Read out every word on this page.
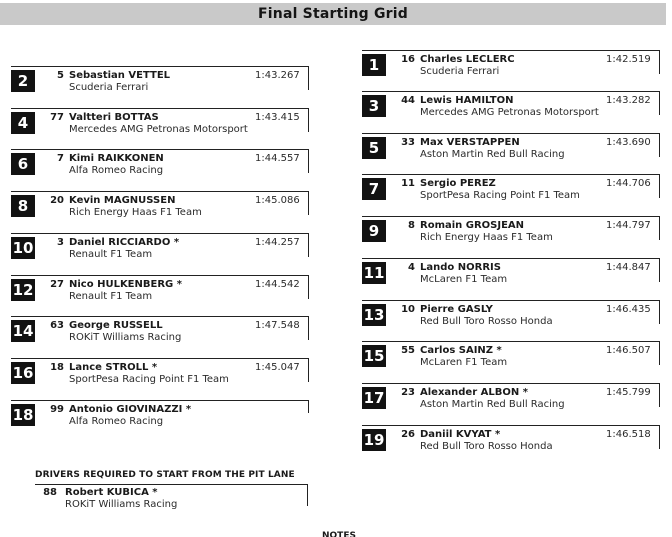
Final Starting Grid
2	5 Sebastian VETTEL
Scuderia Ferrari
1:43.267
4	77 Valtteri BOTTAS
Mercedes AMG Petronas Motorsport
1:43.415
6	7 Kimi RAIKKONEN
Alfa Romeo Racing
1:44.557
8	20 Kevin MAGNUSSEN
Rich Energy Haas F1 Team
1:45.086
10	3 Daniel RICCIARDO *
Renault F1 Team
1:44.257
12	27 Nico HULKENBERG *
Renault F1 Team
1:44.542
14	63 George RUSSELL
ROKiT Williams Racing
1:47.548
16	18 Lance STROLL *
SportPesa Racing Point F1 Team
1:45.047
18	99 Antonio GIOVINAZZI *
Alfa Romeo Racing
1	16 Charles LECLERC
Scuderia Ferrari
1:42.519
3	44 Lewis HAMILTON
Mercedes AMG Petronas Motorsport
1:43.282
5	33 Max VERSTAPPEN
Aston Martin Red Bull Racing
1:43.690
7	11 Sergio PEREZ
SportPesa Racing Point F1 Team
1:44.706
9	8 Romain GROSJEAN
Rich Energy Haas F1 Team
1:44.797
11	4 Lando NORRIS
McLaren F1 Team
1:44.847
13	10 Pierre GASLY
Red Bull Toro Rosso Honda
1:46.435
15	55 Carlos SAINZ *
McLaren F1 Team
1:46.507
17	23 Alexander ALBON *
Aston Martin Red Bull Racing
1:45.799
19	26 Daniil KVYAT *
Red Bull Toro Rosso Honda
1:46.518
DRIVERS REQUIRED TO START FROM THE PIT LANE
88 Robert KUBICA *
ROKiT Williams Racing
NOTES
